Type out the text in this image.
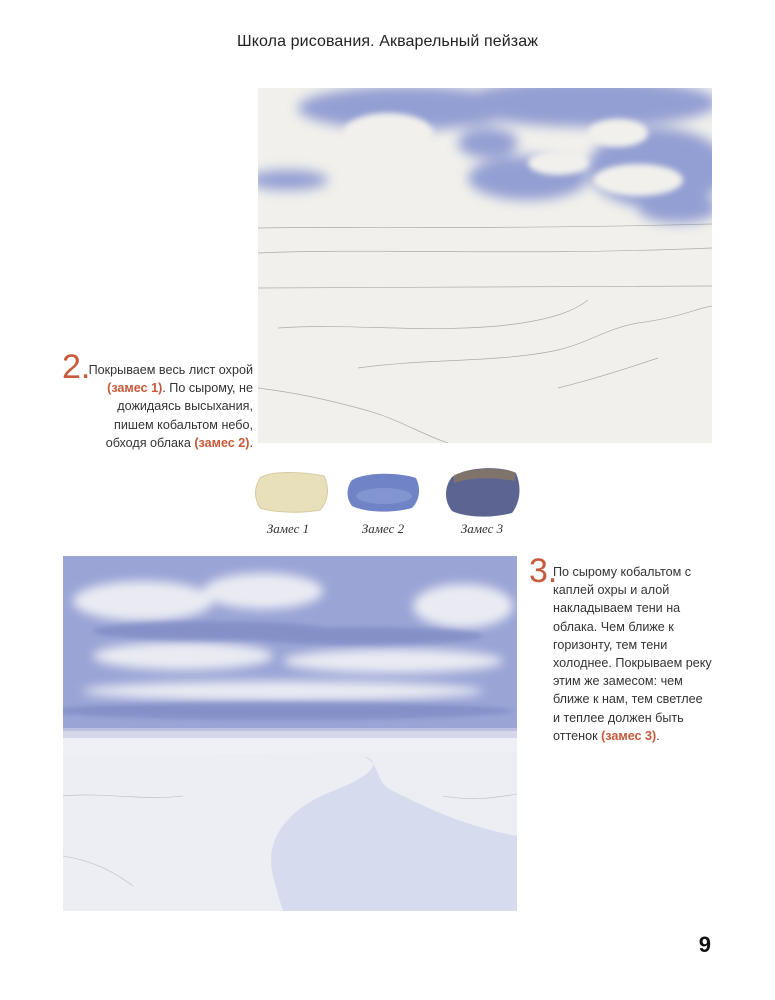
Школа рисования. Акварельный пейзаж
2.
Покрываем весь лист охрой (замес 1). По сырому, не дожидаясь высыхания, пишем кобальтом небо, обходя облака (замес 2).
Замес 1	Замес 2	Замес 3
3.
По сырому кобальтом с каплей охры и алой накладываем тени на облака. Чем ближе к горизонту, тем тени холоднее. Покрываем реку этим же замесом: чем ближе к нам, тем светлее и теплее должен быть оттенок (замес 3).
9
